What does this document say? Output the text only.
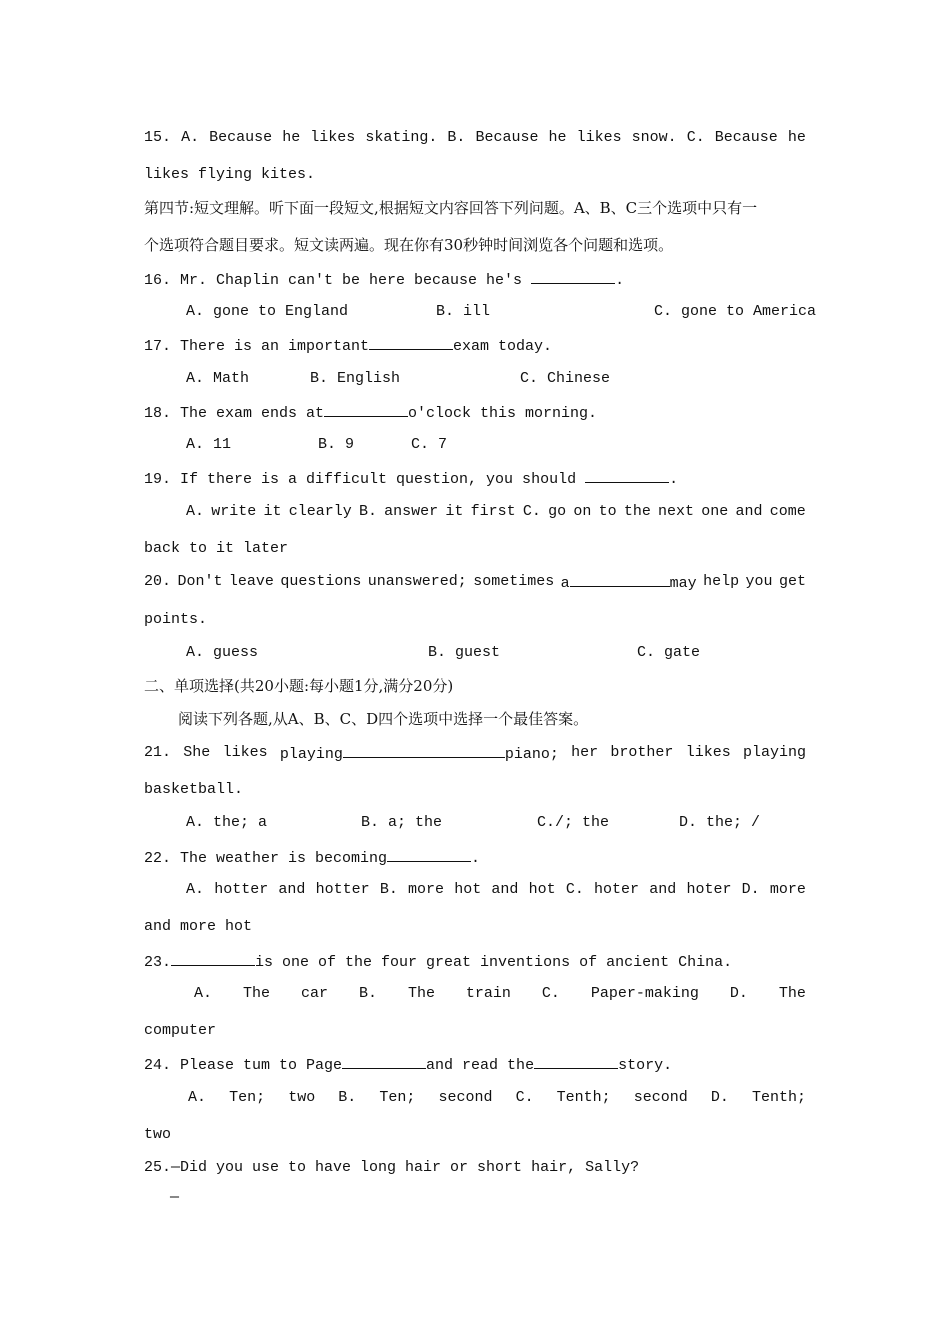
15. A. Because he likes skating. B. Because he likes snow. C. Because he
likes flying kites.
第四节:短文理解。听下面一段短文,根据短文内容回答下列问题。A、B、C三个选项中只有一
个选项符合题目要求。短文读两遍。现在你有30秒钟时间浏览各个问题和选项。
16. Mr. Chaplin can't be here because he's	.
A. gone to England	B. ill	C. gone to America
17. There is an important	exam today.
A. Math	B. English	C. Chinese
18. The exam ends at	o'clock this morning.
A. 11	B. 9	C. 7
19. If there is a difficult question, you should	.
A. write it clearly B. answer it first C. go on to the next one and come
back to it later
20. Don't leave questions unanswered; sometimes a	may help you get
points.
A. guess	B. guest	C. gate
二、单项选择(共20小题:每小题1分,满分20分)
阅读下列各题,从A、B、C、D四个选项中选择一个最佳答案。
21. She likes playing	piano; her brother likes playing
basketball.
A. the; a	B. a; the	C./; the	D. the; /
22. The weather is becoming	.
A. hotter and hotter B. more hot and hot C. hoter and hoter D. more
and more hot
23.	is one of the four great inventions of ancient China.
A. The car B. The train C. Paper-making D. The
computer
24. Please tum to Page	and read the	story.
A. Ten; two B. Ten; second C. Tenth; second D. Tenth;
two
25.—Did you use to have long hair or short hair, Sally?
—
